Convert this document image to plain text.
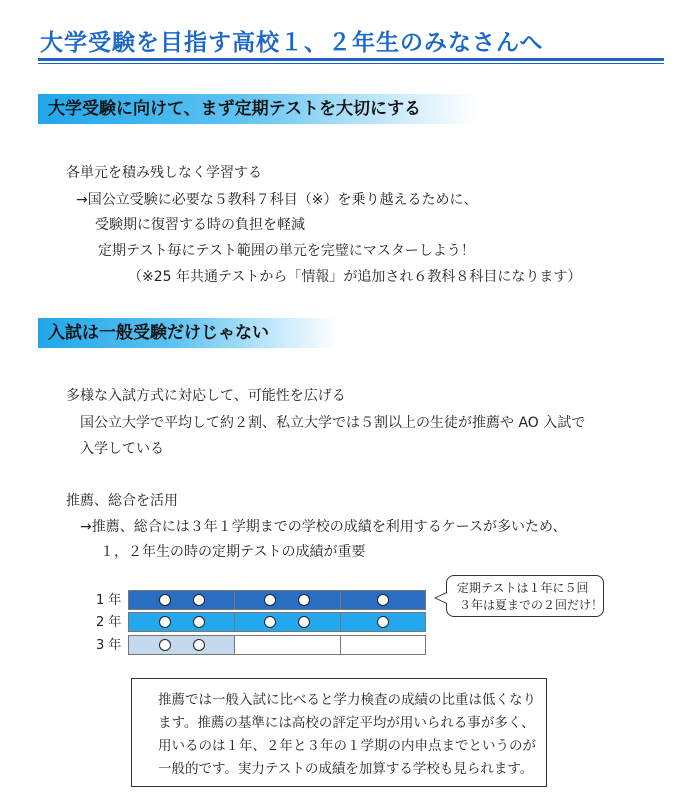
大学受験を目指す高校１、２年生のみなさんへ
大学受験に向けて、まず定期テストを大切にする
各単元を積み残しなく学習する
→国公立受験に必要な５教科７科目（※）を乗り越えるために、
受験期に復習する時の負担を軽減
定期テスト毎にテスト範囲の単元を完璧にマスターしよう！
（※25 年共通テストから「情報」が追加され６教科８科目になります）
入試は一般受験だけじゃない
多様な入試方式に対応して、可能性を広げる
国公立大学で平均して約２割、私立大学では５割以上の生徒が推薦や AO 入試で
入学している
推薦、総合を活用
→推薦、総合には３年１学期までの学校の成績を利用するケースが多いため、
１，２年生の時の定期テストの成績が重要
1 年
2 年
3 年
定期テストは１年に５回
３年は夏までの２回だけ！
推薦では一般入試に比べると学力検査の成績の比重は低くなり
ます。推薦の基準には高校の評定平均が用いられる事が多く、
用いるのは１年、２年と３年の１学期の内申点までというのが
一般的です。実力テストの成績を加算する学校も見られます。
